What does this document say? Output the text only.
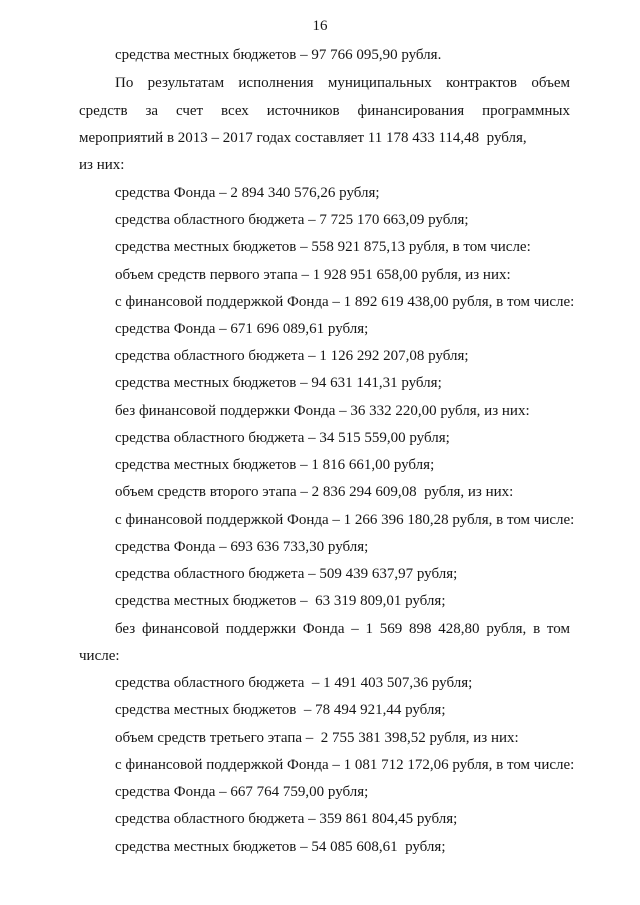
16
средства местных бюджетов – 97 766 095,90 рубля.
По результатам исполнения муниципальных контрактов объем
средств за счет всех источников финансирования программных
мероприятий в 2013 – 2017 годах составляет 11 178 433 114,48  рубля,
из них:
средства Фонда – 2 894 340 576,26 рубля;
средства областного бюджета – 7 725 170 663,09 рубля;
средства местных бюджетов – 558 921 875,13 рубля, в том числе:
объем средств первого этапа – 1 928 951 658,00 рубля, из них:
с финансовой поддержкой Фонда – 1 892 619 438,00 рубля, в том числе:
средства Фонда – 671 696 089,61 рубля;
средства областного бюджета – 1 126 292 207,08 рубля;
средства местных бюджетов – 94 631 141,31 рубля;
без финансовой поддержки Фонда – 36 332 220,00 рубля, из них:
средства областного бюджета – 34 515 559,00 рубля;
средства местных бюджетов – 1 816 661,00 рубля;
объем средств второго этапа – 2 836 294 609,08  рубля, из них:
с финансовой поддержкой Фонда – 1 266 396 180,28 рубля, в том числе:
средства Фонда – 693 636 733,30 рубля;
средства областного бюджета – 509 439 637,97 рубля;
средства местных бюджетов –  63 319 809,01 рубля;
без финансовой поддержки Фонда – 1 569 898 428,80 рубля, в том
числе:
средства областного бюджета  – 1 491 403 507,36 рубля;
средства местных бюджетов  – 78 494 921,44 рубля;
объем средств третьего этапа –  2 755 381 398,52 рубля, из них:
с финансовой поддержкой Фонда – 1 081 712 172,06 рубля, в том числе:
средства Фонда – 667 764 759,00 рубля;
средства областного бюджета – 359 861 804,45 рубля;
средства местных бюджетов – 54 085 608,61  рубля;
